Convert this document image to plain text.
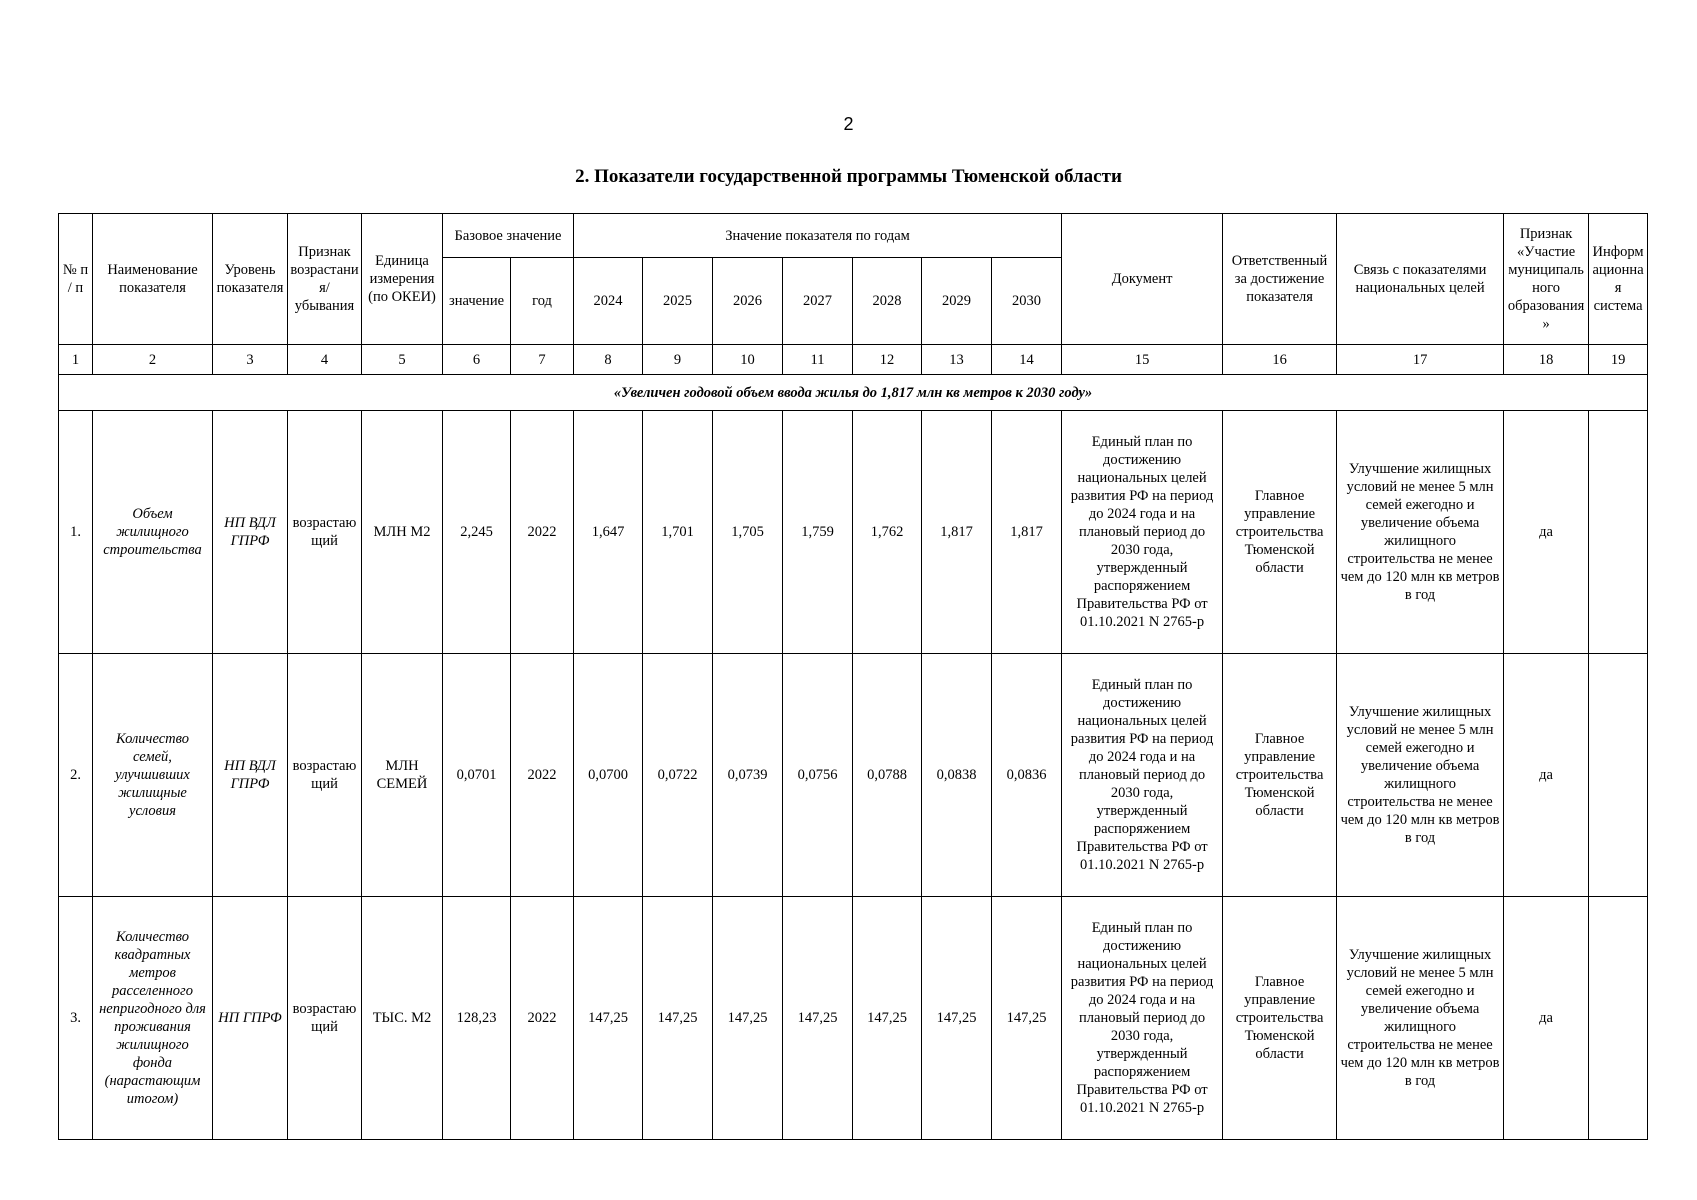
2
2. Показатели государственной программы Тюменской области
№ п / п	Наименование показателя	Уровень показателя	Признак возрастания/ убывания	Единица измерения (по ОКЕИ)	Базовое значение		Значение показателя по годам							Документ	Ответственный за достижение показателя	Связь с показателями национальных целей	Признак «Участие муниципального образования»	Информационная система
					значение	год	2024	2025	2026	2027	2028	2029	2030					
1	2	3	4	5	6	7	8	9	10	11	12	13	14	15	16	17	18	19
«Увеличен годовой объем ввода жилья до 1,817 млн кв метров к 2030 году»																		
1.	Объем жилищного строительства	НП ВДЛ ГПРФ	возрастающий	МЛН М2	2,245	2022	1,647	1,701	1,705	1,759	1,762	1,817	1,817	Единый план по достижению национальных целей развития РФ на период до 2024 года и на плановый период до 2030 года, утвержденный распоряжением Правительства РФ от 01.10.2021 N 2765-р	Главное управление строительства Тюменской области	Улучшение жилищных условий не менее 5 млн семей ежегодно и увеличение объема жилищного строительства не менее чем до 120 млн кв метров в год	да	
2.	Количество семей, улучшивших жилищные условия	НП ВДЛ ГПРФ	возрастающий	МЛН СЕМЕЙ	0,0701	2022	0,0700	0,0722	0,0739	0,0756	0,0788	0,0838	0,0836	Единый план по достижению национальных целей развития РФ на период до 2024 года и на плановый период до 2030 года, утвержденный распоряжением Правительства РФ от 01.10.2021 N 2765-р	Главное управление строительства Тюменской области	Улучшение жилищных условий не менее 5 млн семей ежегодно и увеличение объема жилищного строительства не менее чем до 120 млн кв метров в год	да	
3.	Количество квадратных метров расселенного непригодного для проживания жилищного фонда (нарастающим итогом)	НП ГПРФ	возрастающий	ТЫС. М2	128,23	2022	147,25	147,25	147,25	147,25	147,25	147,25	147,25	Единый план по достижению национальных целей развития РФ на период до 2024 года и на плановый период до 2030 года, утвержденный распоряжением Правительства РФ от 01.10.2021 N 2765-р	Главное управление строительства Тюменской области	Улучшение жилищных условий не менее 5 млн семей ежегодно и увеличение объема жилищного строительства не менее чем до 120 млн кв метров в год	да	
